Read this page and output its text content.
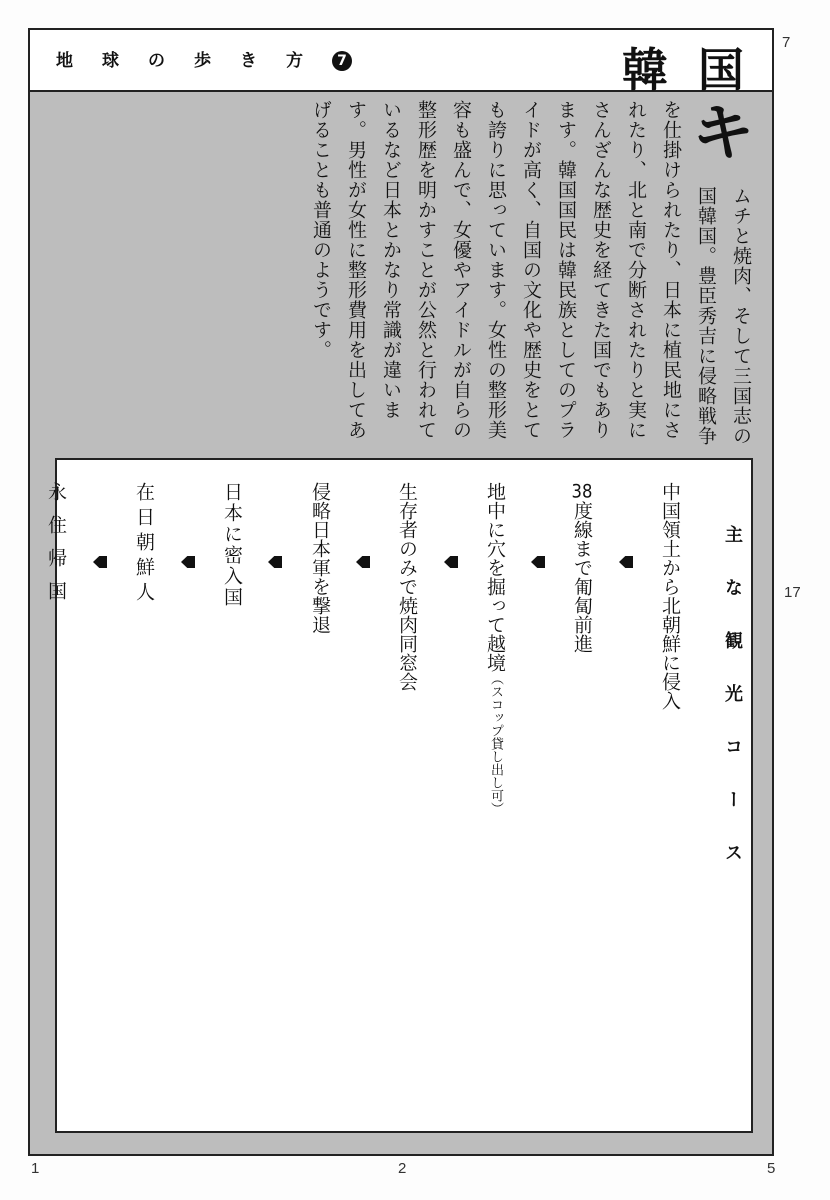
地球の歩き方 7	韓国
キ
ムチと焼肉、そして三国志の
国韓国。豊臣秀吉に侵略戦争
を仕掛けられたり、日本に植民地にさ
れたり、北と南で分断されたりと実に
さんざんな歴史を経てきた国でもあり
ます。韓国国民は韓民族としてのプラ
イドが高く、自国の文化や歴史をとて
も誇りに思っています。女性の整形美
容も盛んで、女優やアイドルが自らの
整形歴を明かすことが公然と行われて
いるなど日本とかなり常識が違いま
す。男性が女性に整形費用を出してあ
げることも普通のようです。
主な観光コース
中国領土から北朝鮮に侵入
38度線まで匍匐前進
地中に穴を掘って越境（スコップ貸し出し可）
生存者のみで焼肉同窓会
侵略日本軍を撃退
日本に密入国
在日朝鮮人
永住帰国
7
17
1	2	5
